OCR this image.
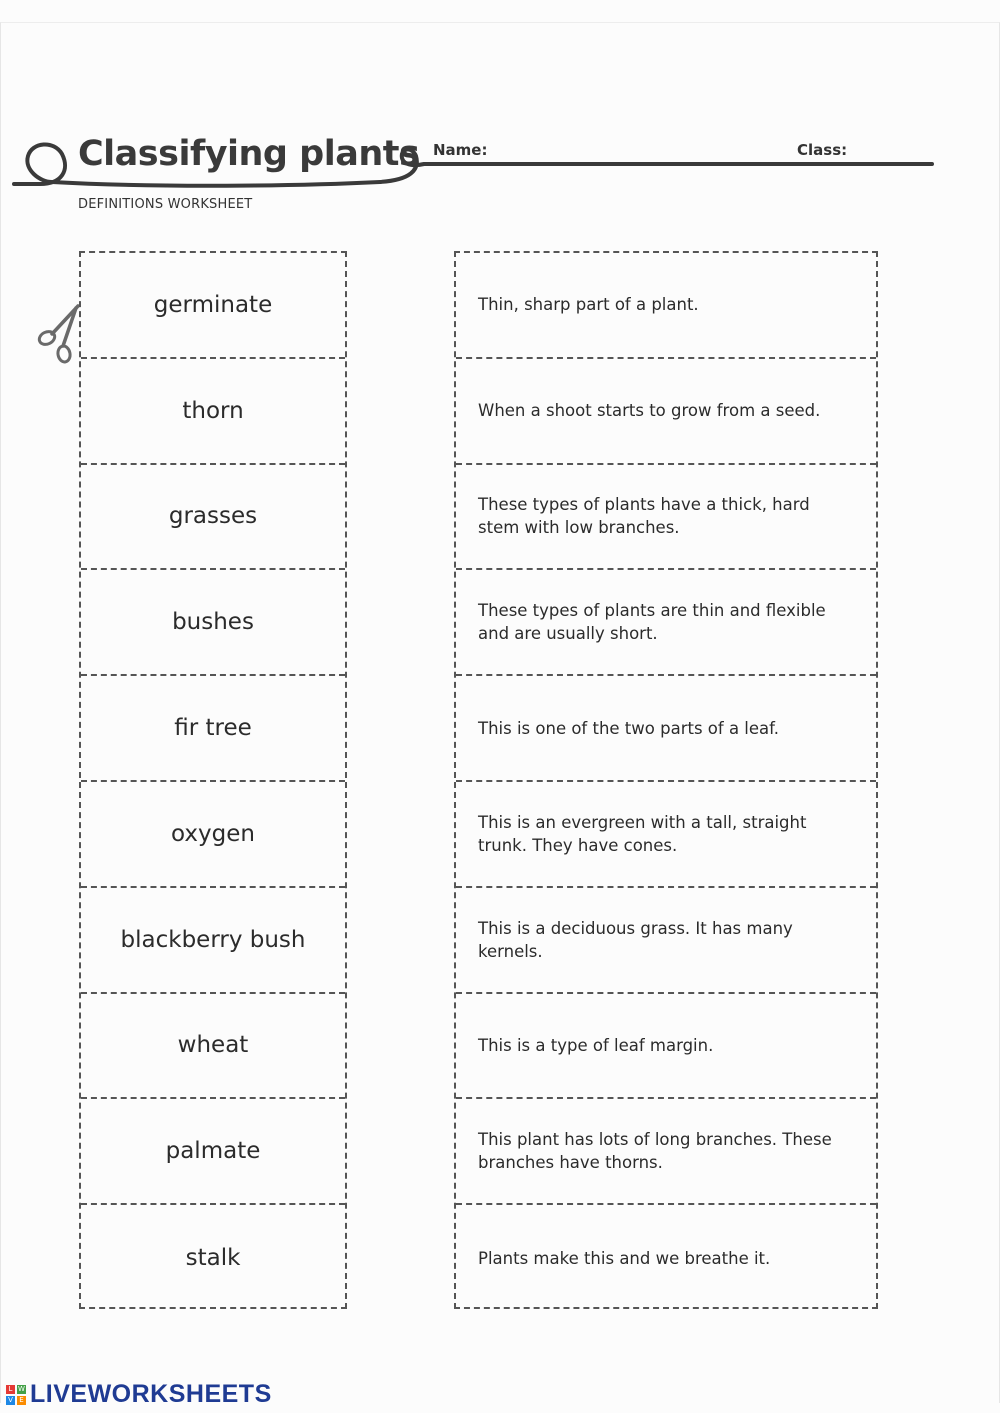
Classifying plants
DEFINITIONS WORKSHEET
Name:	Class:
germinate
thorn
grasses
bushes
fir tree
oxygen
blackberry bush
wheat
palmate
stalk
Thin, sharp part of a plant.
When a shoot starts to grow from a seed.
These types of plants have a thick, hard
stem with low branches.
These types of plants are thin and flexible
and are usually short.
This is one of the two parts of a leaf.
This is an evergreen with a tall, straight
trunk. They have cones.
This is a deciduous grass. It has many
kernels.
This is a type of leaf margin.
This plant has lots of long branches. These
branches have thorns.
Plants make this and we breathe it.
L W
V E LIVEWORKSHEETS
